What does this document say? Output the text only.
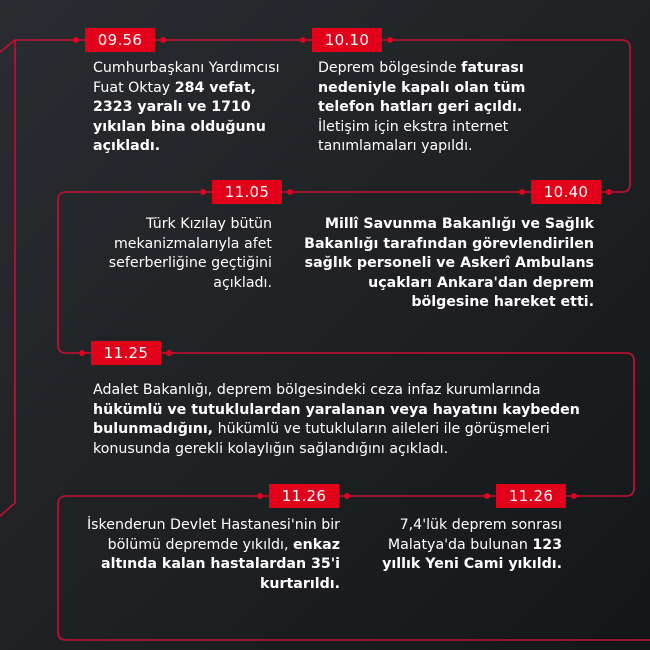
09.56
Cumhurbaşkanı Yardımcısı Fuat Oktay 284 vefat, 2323 yaralı ve 1710 yıkılan bina olduğunu açıkladı.
10.10
Deprem bölgesinde faturası nedeniyle kapalı olan tüm telefon hatları geri açıldı. İletişim için ekstra internet tanımlamaları yapıldı.
11.05
Türk Kızılay bütün mekanizmalarıyla afet seferberliğine geçtiğini açıkladı.
10.40
Millî Savunma Bakanlığı ve Sağlık Bakanlığı tarafından görevlendirilen sağlık personeli ve Askerî Ambulans uçakları Ankara'dan deprem bölgesine hareket etti.
11.25
Adalet Bakanlığı, deprem bölgesindeki ceza infaz kurumlarında hükümlü ve tutuklulardan yaralanan veya hayatını kaybeden bulunmadığını, hükümlü ve tutukluların aileleri ile görüşmeleri konusunda gerekli kolaylığın sağlandığını açıkladı.
11.26
İskenderun Devlet Hastanesi'nin bir bölümü depremde yıkıldı, enkaz altında kalan hastalardan 35'i kurtarıldı.
11.26
7,4'lük deprem sonrası Malatya'da bulunan 123 yıllık Yeni Cami yıkıldı.
